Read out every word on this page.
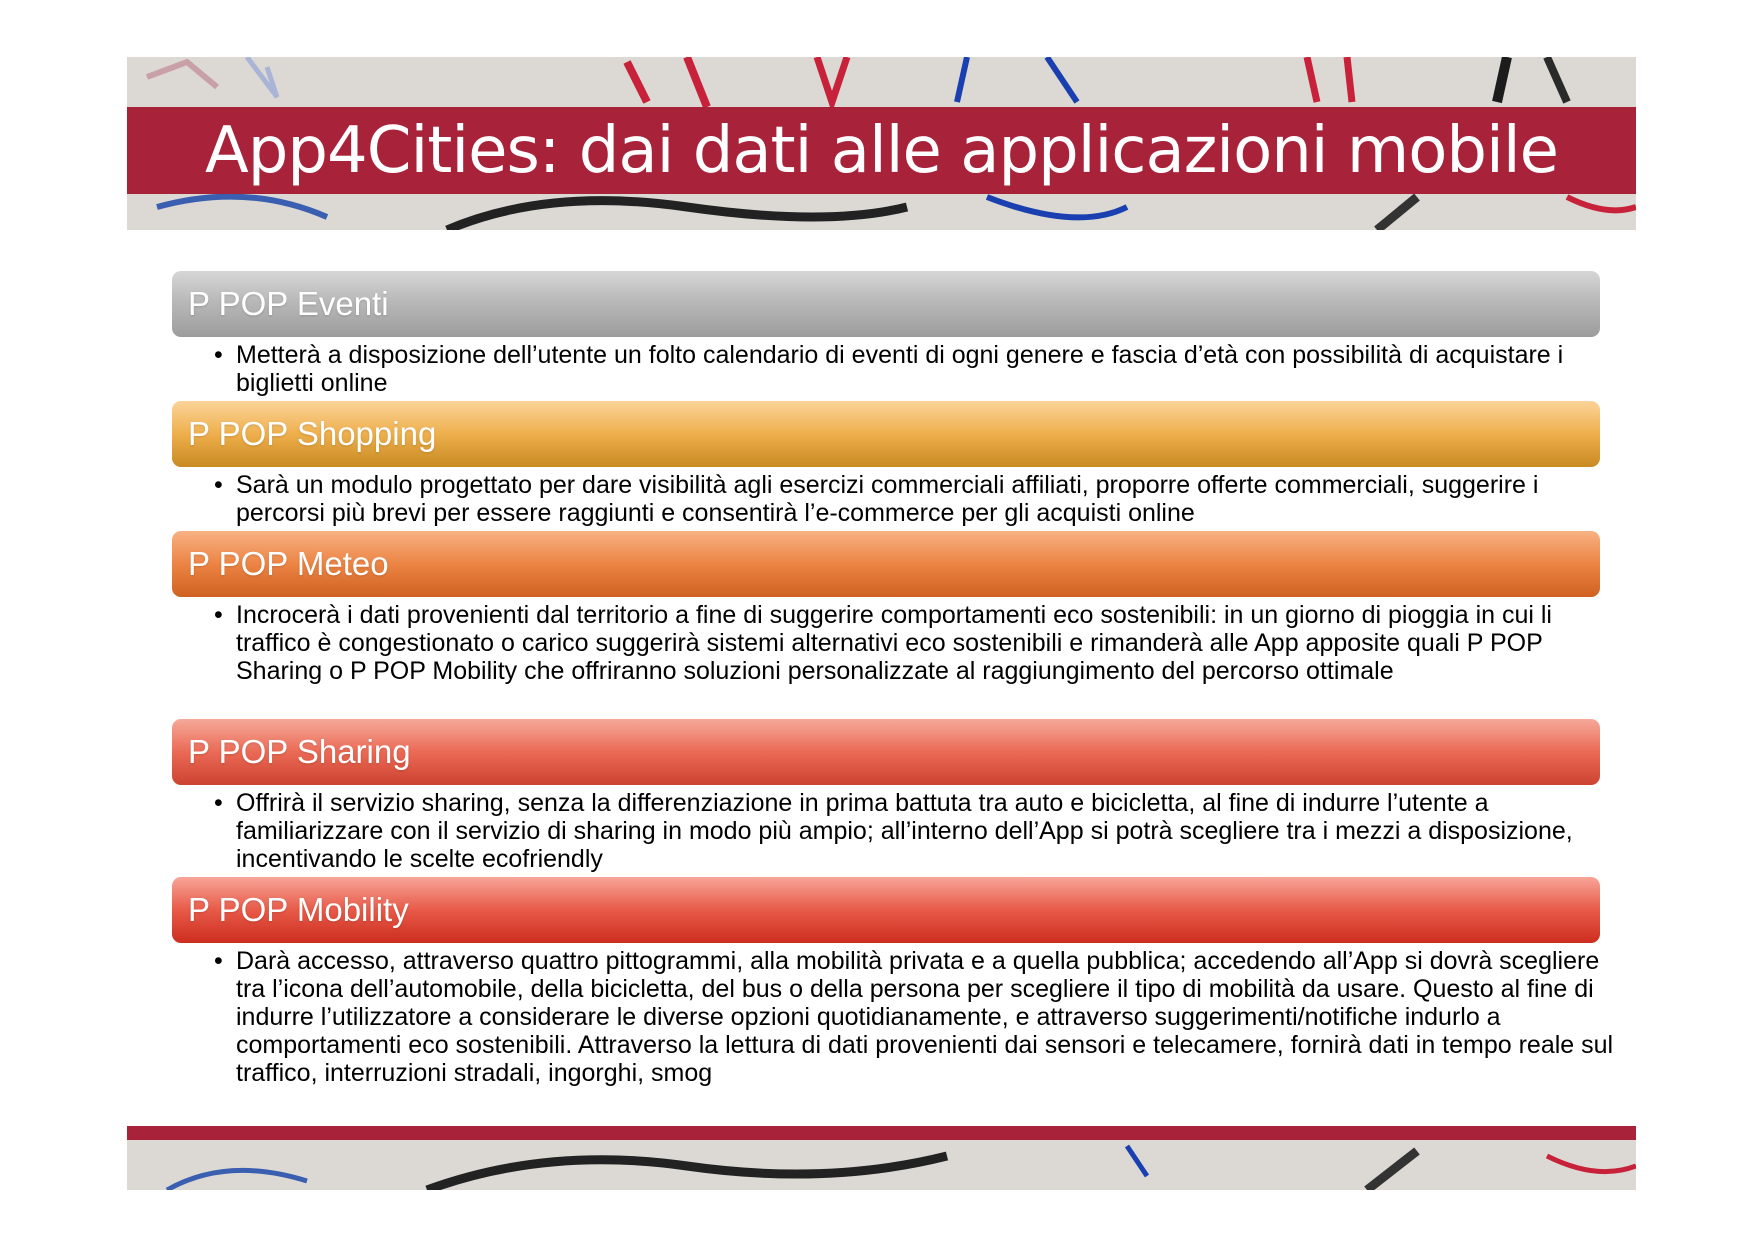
App4Cities: dai dati alle applicazioni mobile
P POP Eventi
• Metterà a disposizione dell’utente un folto calendario di eventi di ogni genere e fascia d’età con possibilità di acquistare i biglietti online
P POP Shopping
• Sarà un modulo progettato per dare visibilità agli esercizi commerciali affiliati, proporre offerte commerciali, suggerire i percorsi più brevi per essere raggiunti e consentirà l’e-commerce per gli acquisti online
P POP Meteo
• Incrocerà i dati provenienti dal territorio a fine di suggerire comportamenti eco sostenibili: in un giorno di pioggia in cui li traffico è congestionato o carico suggerirà sistemi alternativi eco sostenibili e rimanderà alle App apposite quali P POP Sharing o P POP Mobility che offriranno soluzioni personalizzate al raggiungimento del percorso ottimale
P POP Sharing
• Offrirà il servizio sharing, senza la differenziazione in prima battuta tra auto e bicicletta, al fine di indurre l’utente a familiarizzare con il servizio di sharing in modo più ampio; all’interno dell’App si potrà scegliere tra i mezzi a disposizione, incentivando le scelte ecofriendly
P POP Mobility
• Darà accesso, attraverso quattro pittogrammi, alla mobilità privata e a quella pubblica; accedendo all’App si dovrà scegliere tra l’icona dell’automobile, della bicicletta, del bus o della persona per scegliere il tipo di mobilità da usare. Questo al fine di indurre l’utilizzatore a considerare le diverse opzioni quotidianamente, e attraverso suggerimenti/notifiche indurlo a comportamenti eco sostenibili. Attraverso la lettura di dati provenienti dai sensori e telecamere, fornirà dati in tempo reale sul traffico, interruzioni stradali, ingorghi, smog
